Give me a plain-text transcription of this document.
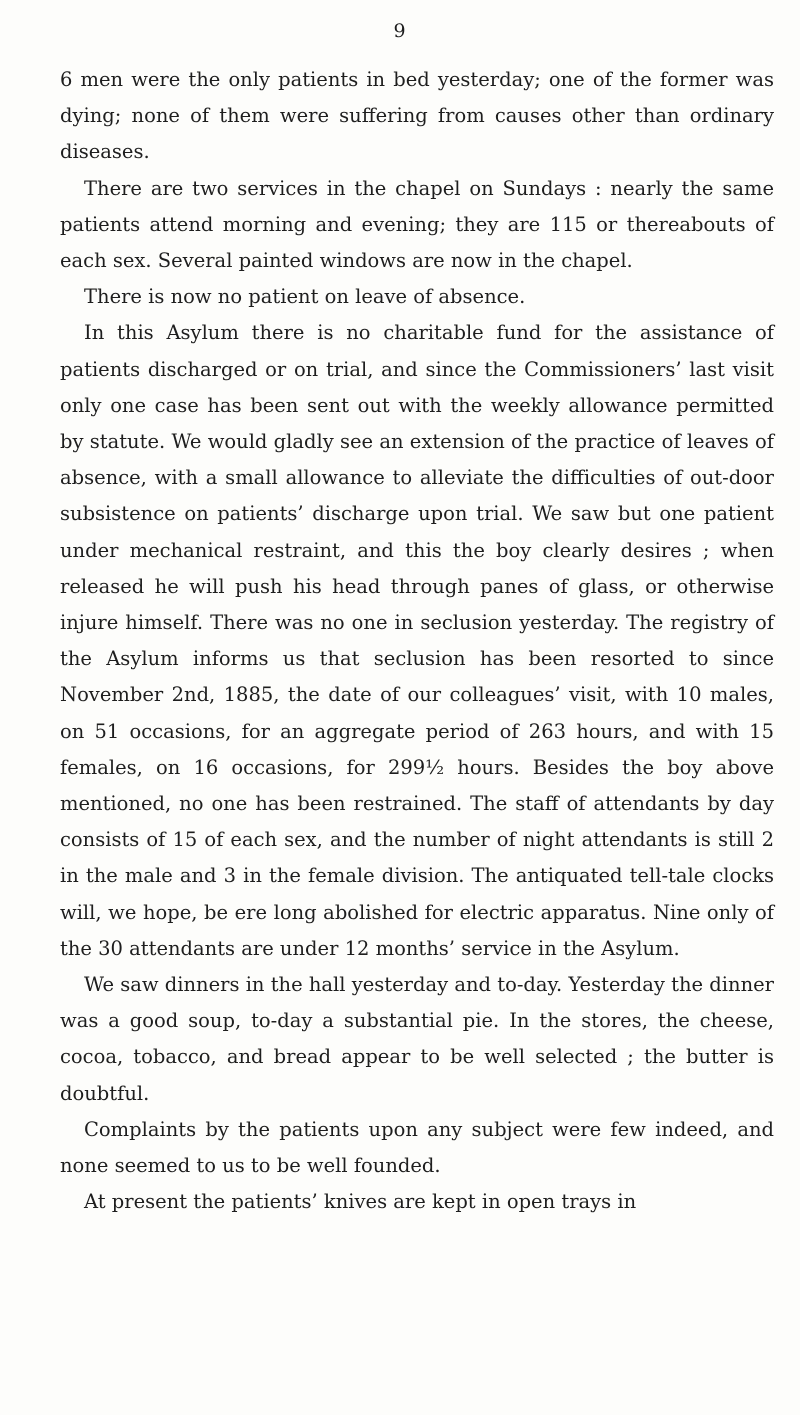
9

6 men were the only patients in bed yesterday; one of the former was dying; none of them were suffering from causes other than ordinary diseases.

There are two services in the chapel on Sundays : nearly the same patients attend morning and evening; they are 115 or thereabouts of each sex. Several painted windows are now in the chapel.

There is now no patient on leave of absence.

In this Asylum there is no charitable fund for the assistance of patients discharged or on trial, and since the Commissioners’ last visit only one case has been sent out with the weekly allowance permitted by statute. We would gladly see an extension of the practice of leaves of absence, with a small allowance to alleviate the difficulties of out-door subsistence on patients’ discharge upon trial. We saw but one patient under mechanical restraint, and this the boy clearly desires ; when released he will push his head through panes of glass, or otherwise injure himself. There was no one in seclusion yesterday. The registry of the Asylum informs us that seclusion has been resorted to since November 2nd, 1885, the date of our colleagues’ visit, with 10 males, on 51 occasions, for an aggregate period of 263 hours, and with 15 females, on 16 occasions, for 299½ hours. Besides the boy above mentioned, no one has been restrained. The staff of attendants by day consists of 15 of each sex, and the number of night attendants is still 2 in the male and 3 in the female division. The antiquated tell-tale clocks will, we hope, be ere long abolished for electric apparatus. Nine only of the 30 attendants are under 12 months’ service in the Asylum.

We saw dinners in the hall yesterday and to-day. Yesterday the dinner was a good soup, to-day a substantial pie. In the stores, the cheese, cocoa, tobacco, and bread appear to be well selected ; the butter is doubtful.

Complaints by the patients upon any subject were few indeed, and none seemed to us to be well founded.

At present the patients’ knives are kept in open trays in
